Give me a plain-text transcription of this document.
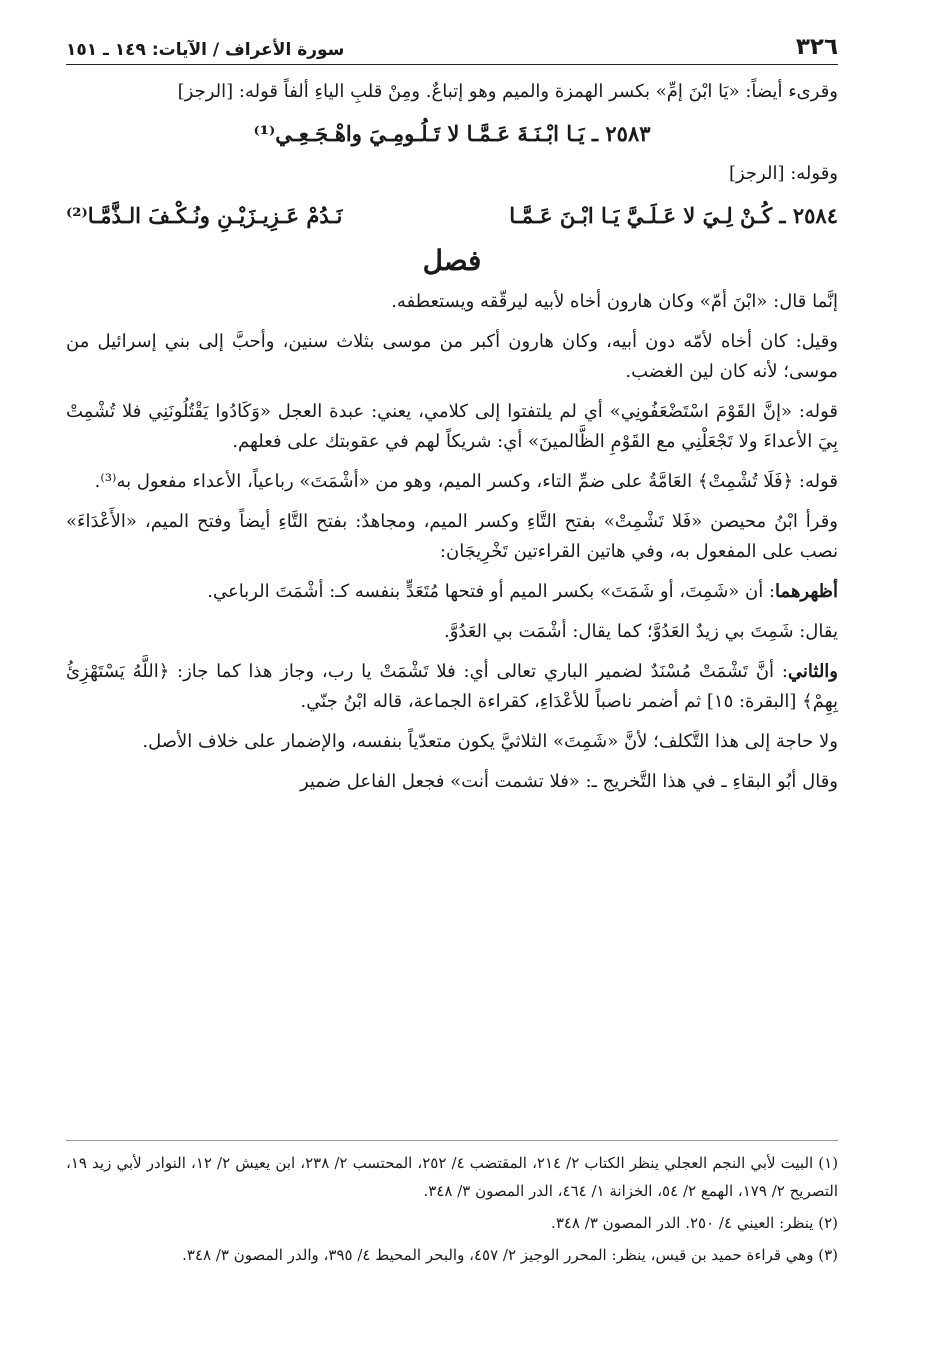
٣٢٦
سورة الأعراف / الآيات: ١٤٩ ـ ١٥١

وقرىء أيضاً: «يَا ابْنَ إمِّ» بكسر الهمزة والميم وهو إتباعٌ. ومِنْ قلبِ الياءِ ألفاً قوله: [الرجز]

٢٥٨٣ ـ يَـا ابْـنَـةَ عَـمَّـا لا تَـلُـومِـيَ واهْـجَـعِـي⁽¹⁾

وقوله: [الرجز]

٢٥٨٤ ـ كُـنْ لِـيَ لا عَـلَـيَّ يَـا ابْـنَ عَـمَّـا
نَـدُمْ عَـزِيـزَيْـنِ ونُـكْـفَ الـذَّمَّـا⁽²⁾
فصل

إنَّما قال: «ابْنَ أمّ» وكان هارون أخاه لأبيه ليرقّقه ويستعطفه.

وقيل: كان أخاه لأمّه دون أبيه، وكان هارون أكبر من موسى بثلاث سنين، وأحبَّ إلى بني إسرائيل من موسى؛ لأنه كان لين الغضب.

قوله: «إنَّ القَوْمَ اسْتَضْعَفُونِي» أي لم يلتفتوا إلى كلامي، يعني: عبدة العجل «وَكَادُوا يَقْتُلُونَنِي فلا تُشْمِتْ بِيَ الأعداءَ ولا تَجْعَلْنِي مع القَوْمِ الظَّالمينَ» أي: شريكاً لهم في عقوبتك على فعلهم.

قوله: ﴿فَلَا تُشْمِتْ﴾ العَامَّةُ على ضمِّ التاء، وكسر الميم، وهو من «أشْمَتَ» رباعياً، الأعداء مفعول به⁽³⁾.

وقرأ ابْنُ محيصن «فَلا تَشْمِتْ» بفتح التَّاءِ وكسر الميم، ومجاهدٌ: بفتح التَّاءِ أيضاً وفتح الميم، «الأَعْدَاءَ» نصب على المفعول به، وفي هاتين القراءتين تَخْرِيجَان:

أظهرهما: أن «شَمِتَ، أو شَمَتَ» بكسر الميم أو فتحها مُتَعَدٍّ بنفسه كـ: أشْمَتَ الرباعي.

يقال: شَمِتَ بي زيدٌ العَدُوَّ؛ كما يقال: أشْمَت بي العَدُوَّ.

والثاني: أنَّ تَشْمَتْ مُسْنَدٌ لضمير الباري تعالى أي: فلا تَشْمَتْ يا رب، وجاز هذا كما جاز: ﴿اللَّهُ يَسْتَهْزِئُ بِهِمْ﴾ [البقرة: ١٥] ثم أضمر ناصباً للأعْدَاءِ، كقراءة الجماعة، قاله ابْنُ جنّي.

ولا حاجة إلى هذا التَّكلف؛ لأنَّ «شَمِتَ» الثلاثيَّ يكون متعدّياً بنفسه، والإضمار على خلاف الأصل.

وقال أبُو البقاءِ ـ في هذا التَّخريج ـ: «فلا تشمت أنت» فجعل الفاعل ضمير

(١) البيت لأبي النجم العجلي ينظر الكتاب ٢/ ٢١٤، المقتضب ٤/ ٢٥٢، المحتسب ٢/ ٢٣٨، ابن يعيش ٢/ ١٢، النوادر لأبي زيد ١٩، التصريح ٢/ ١٧٩، الهمع ٢/ ٥٤، الخزانة ١/ ٤٦٤، الدر المصون ٣/ ٣٤٨.

(٢) ينظر: العيني ٤/ ٢٥٠. الدر المصون ٣/ ٣٤٨.

(٣) وهي قراءة حميد بن قيس، ينظر: المحرر الوجيز ٢/ ٤٥٧، والبحر المحيط ٤/ ٣٩٥، والدر المصون ٣/ ٣٤٨.
